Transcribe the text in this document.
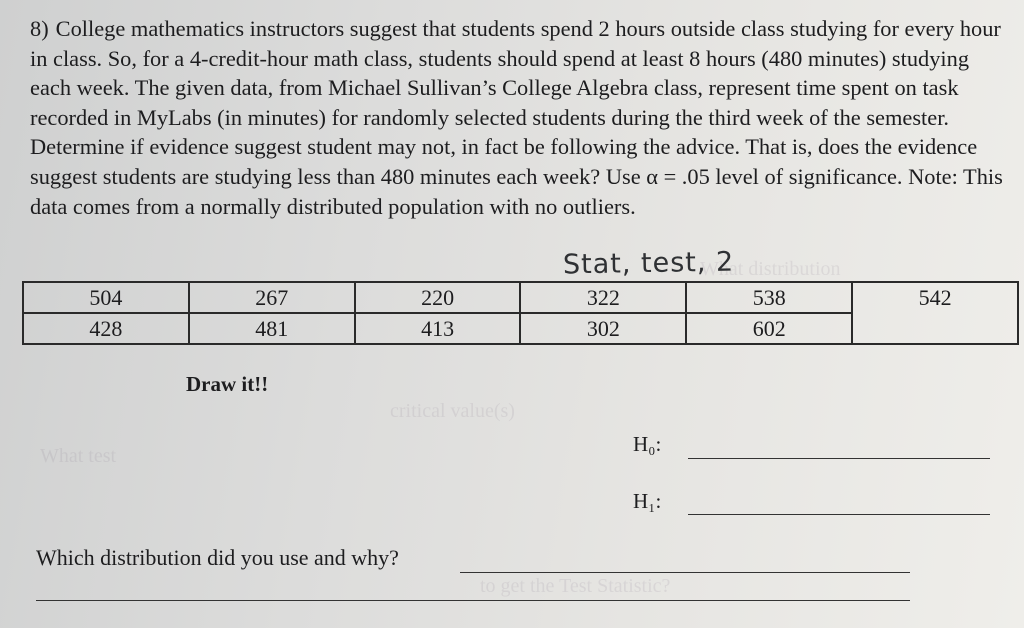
What distribution
critical value(s)
What test
to get the Test Statistic?

8) College mathematics instructors suggest that students spend 2 hours outside class studying for every hour in class. So, for a 4-credit-hour math class, students should spend at least 8 hours (480 minutes) studying each week. The given data, from Michael Sullivan’s College Algebra class, represent time spent on task recorded in MyLabs (in minutes) for randomly selected students during the third week of the semester. Determine if evidence suggest student may not, in fact be following the advice. That is, does the evidence suggest students are studying less than 480 minutes each week? Use α = .05 level of significance. Note: This data comes from a normally distributed population with no outliers.

Stat, test, 2
504	267	220	322	538	542
428	481	413	302	602	
Draw it!!
H₀:
H₁:
Which distribution did you use and why?
